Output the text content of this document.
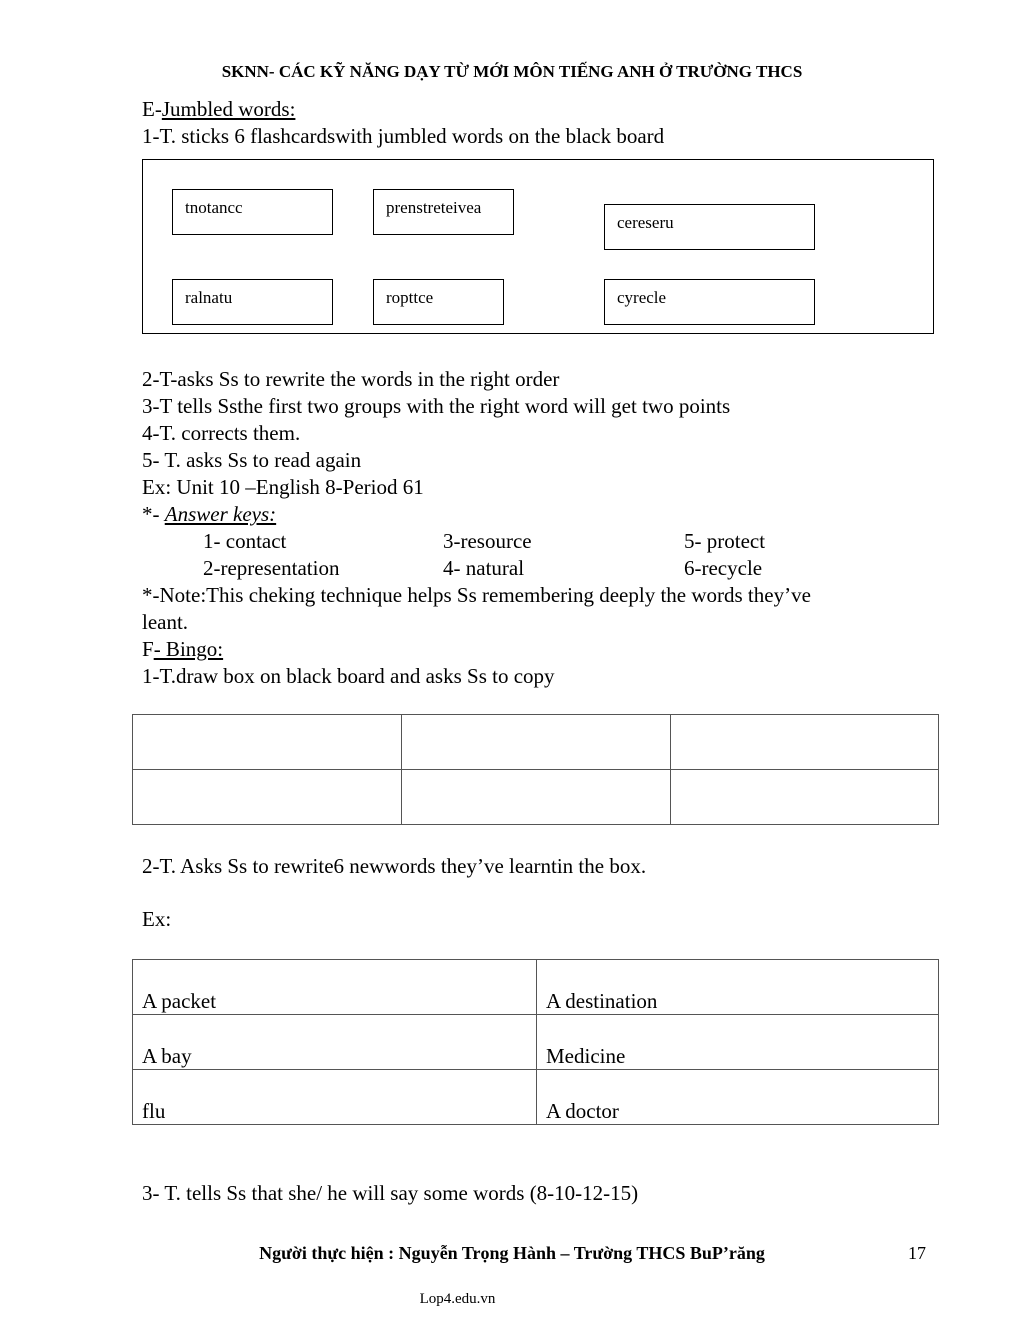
SKNN- CÁC KỸ NĂNG DẠY TỪ MỚI MÔN TIẾNG ANH Ở TRƯỜNG THCS
E-Jumbled words:
1-T. sticks 6 flashcardswith jumbled words on the black board
tnotancc	prenstreteivea
cereseru
ralnatu	ropttce	cyrecle
2-T-asks Ss to rewrite the words in the right order
3-T tells Ssthe first two groups with the right word will get two points
4-T. corrects them.
5- T. asks Ss to read again
Ex: Unit 10 –English 8-Period 61
*- Answer keys:
1- contact	3-resource	5- protect
2-representation	4- natural	6-recycle
*-Note:This cheking technique helps Ss remembering deeply the words they’ve
leant.
F- Bingo:
1-T.draw box on black board and asks Ss to copy

2-T. Asks Ss to rewrite6 newwords they’ve learntin the box.
Ex:
A packet	A destination
A bay	Medicine
flu	A doctor
3- T. tells Ss that she/ he will say some words (8-10-12-15)
Người thực hiện : Nguyễn Trọng Hành – Trường THCS BuP’răng	17
Lop4.edu.vn
